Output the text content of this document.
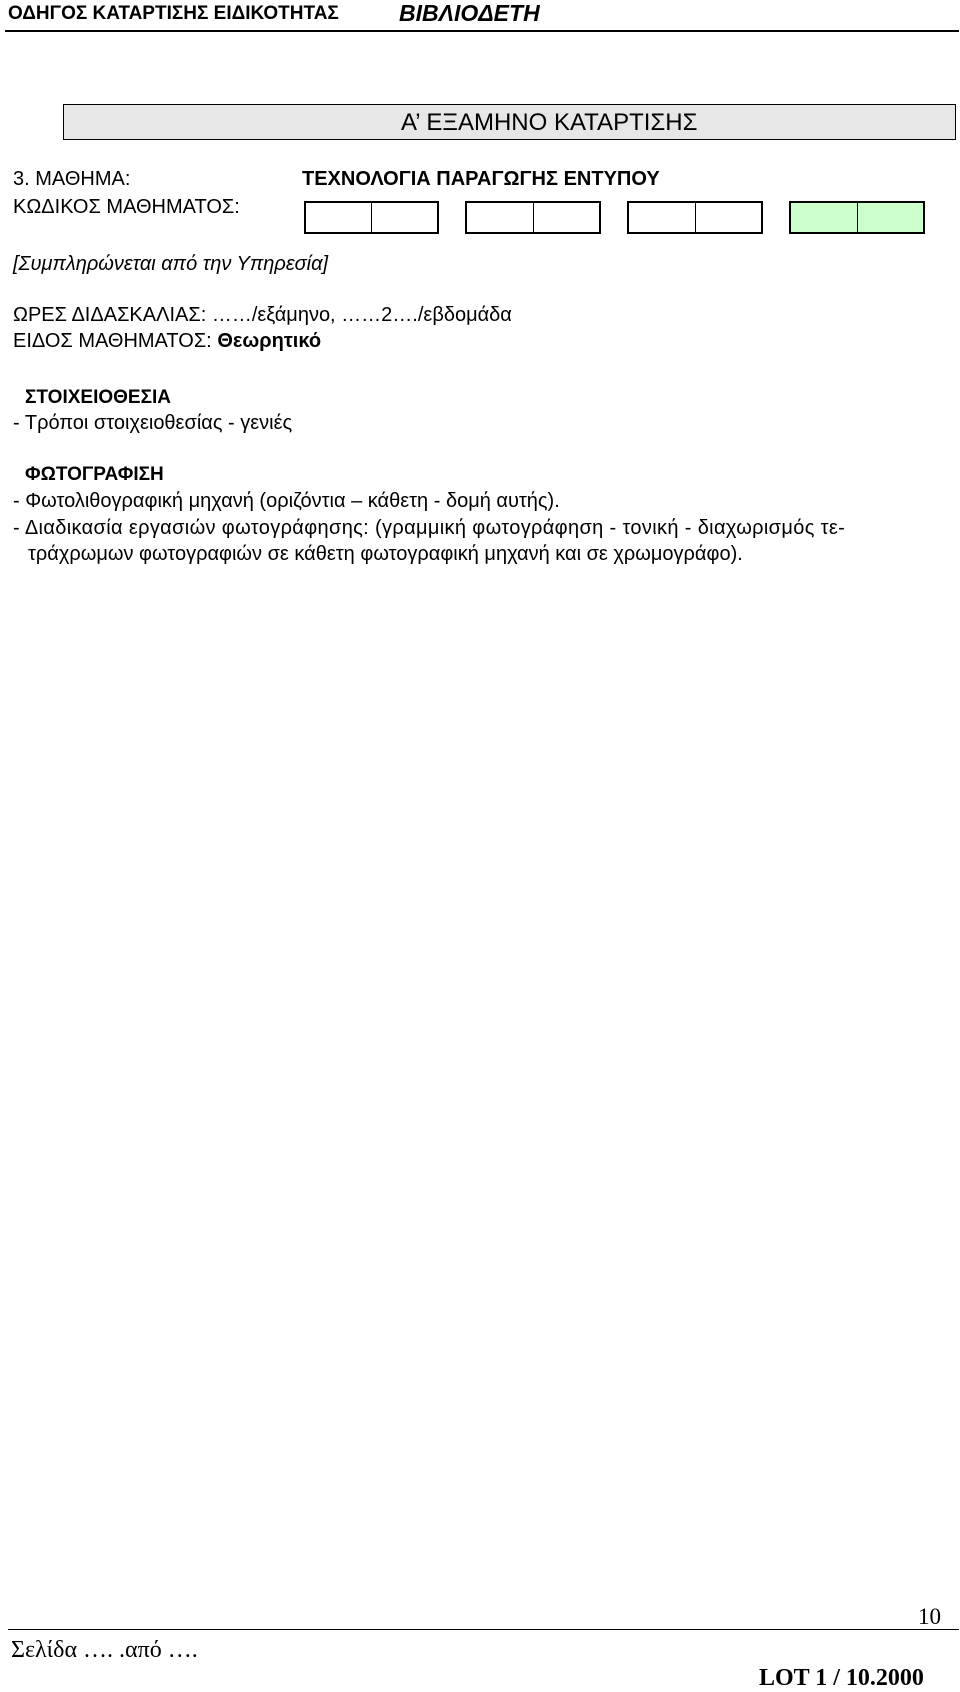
ΟΔΗΓΟΣ ΚΑΤΑΡΤΙΣΗΣ ΕΙΔΙΚΟΤΗΤΑΣ	ΒΙΒΛΙΟΔΕΤΗ
Α’ ΕΞΑΜΗΝΟ ΚΑΤΑΡΤΙΣΗΣ
3. ΜΑΘΗΜΑ:	ΤΕΧΝΟΛΟΓΙΑ ΠΑΡΑΓΩΓΗΣ ΕΝΤΥΠΟΥ
ΚΩΔΙΚΟΣ ΜΑΘΗΜΑΤΟΣ:
[Συμπληρώνεται από την Υπηρεσία]
ΩΡΕΣ ΔΙΔΑΣΚΑΛΙΑΣ: ……/εξάμηνο, ……2…./εβδομάδα
ΕΙΔΟΣ ΜΑΘΗΜΑΤΟΣ: Θεωρητικό
ΣΤΟΙΧΕΙΟΘΕΣΙΑ
- Τρόποι στοιχειοθεσίας - γενιές
ΦΩΤΟΓΡΑΦΙΣΗ
- Φωτολιθογραφική μηχανή (οριζόντια – κάθετη - δομή αυτής).
- Διαδικασία εργασιών φωτογράφησης: (γραμμική φωτογράφηση - τονική - διαχωρισμός τε-
τράχρωμων φωτογραφιών σε κάθετη φωτογραφική μηχανή και σε χρωμογράφο).
10
Σελίδα …. .από ….
LOT 1 / 10.2000
